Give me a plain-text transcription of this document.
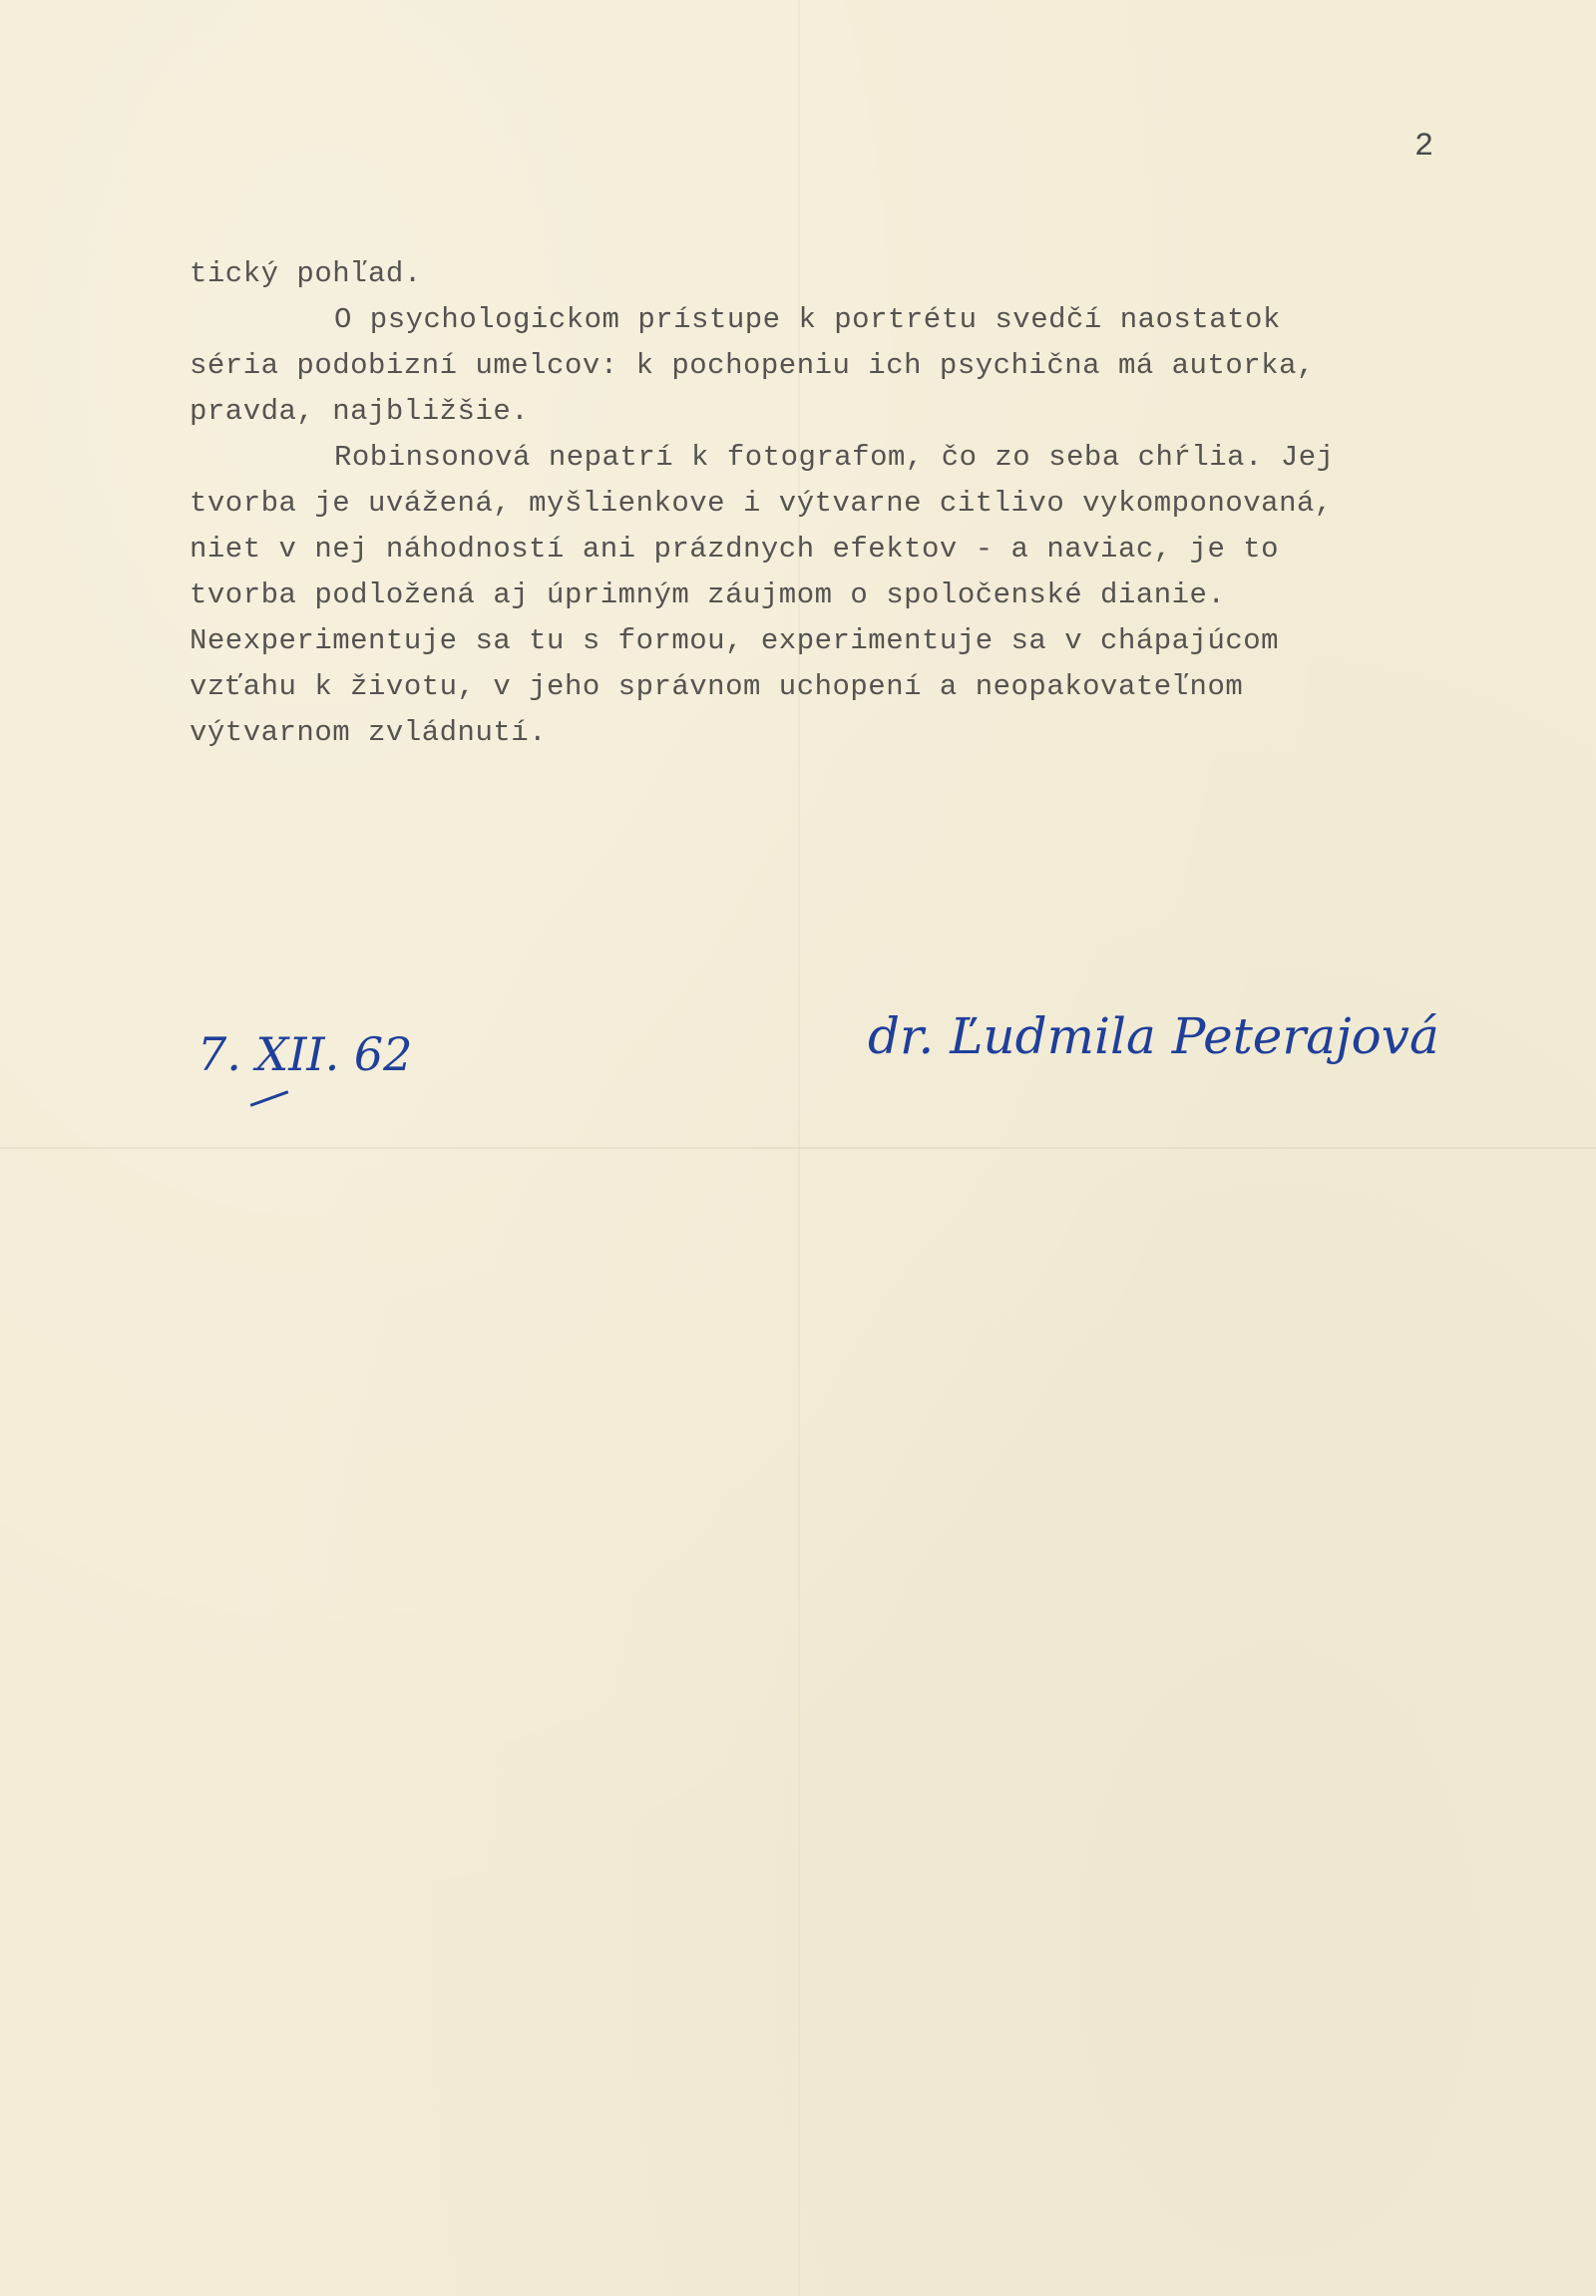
2
tický pohľad.
O psychologickom prístupe k portrétu svedčí naostatok
séria podobizní umelcov: k pochopeniu ich psychična má autorka,
pravda, najbližšie.
Robinsonová nepatrí k fotografom, čo zo seba chŕlia. Jej
tvorba je uvážená, myšlienkove i výtvarne citlivo vykomponovaná,
niet v nej náhodností ani prázdnych efektov - a naviac, je to
tvorba podložená aj úprimným záujmom o spoločenské dianie.
Neexperimentuje sa tu s formou, experimentuje sa v chápajúcom
vzťahu k životu, v jeho správnom uchopení a neopakovateľnom
výtvarnom zvládnutí.
7. XII. 62	dr. Ľudmila Peterajová
